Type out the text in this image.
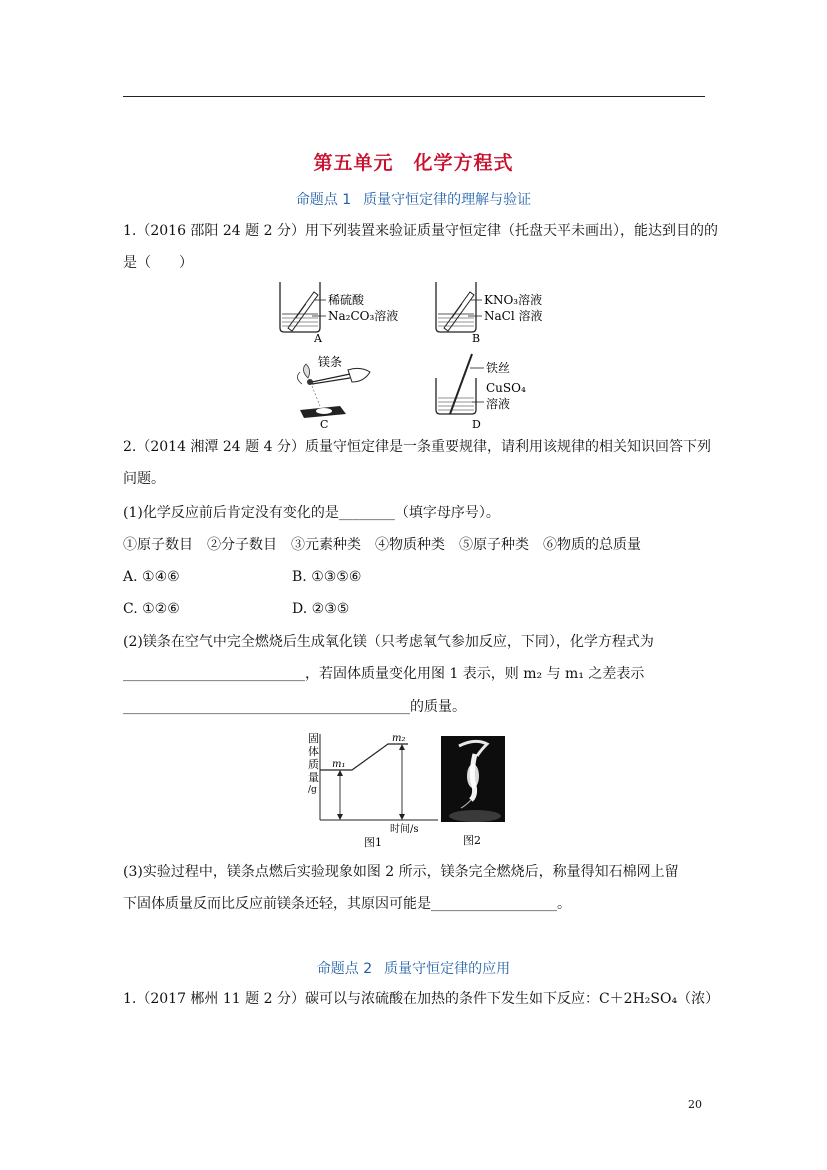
第五单元　化学方程式
命题点 1 质量守恒定律的理解与验证
1.（2016 邵阳 24 题 2 分）用下列装置来验证质量守恒定律（托盘天平未画出），能达到目的的
是（　　）
稀硫酸
Na₂CO₃溶液
A
KNO₃溶液
NaCl 溶液
B
镁条
C
铁丝
CuSO₄
溶液
D
2.（2014 湘潭 24 题 4 分）质量守恒定律是一条重要规律，请利用该规律的相关知识回答下列
问题。
(1)化学反应前后肯定没有变化的是________（填字母序号）。
①原子数目　②分子数目　③元素种类　④物质种类　⑤原子种类　⑥物质的总质量
A. ①④⑥	B. ①③⑤⑥
C. ①②⑥	D. ②③⑤
(2)镁条在空气中完全燃烧后生成氧化镁（只考虑氧气参加反应，下同），化学方程式为
__________________________，若固体质量变化用图 1 表示，则 m₂ 与 m₁ 之差表示
_________________________________________的质量。
固
体
质
量
/g
m₁
m₂
时间/s
图1	图2
(3)实验过程中，镁条点燃后实验现象如图 2 所示，镁条完全燃烧后，称量得知石棉网上留
下固体质量反而比反应前镁条还轻，其原因可能是__________________。
命题点 2 质量守恒定律的应用
1.（2017 郴州 11 题 2 分）碳可以与浓硫酸在加热的条件下发生如下反应：C＋2H₂SO₄（浓）
20
